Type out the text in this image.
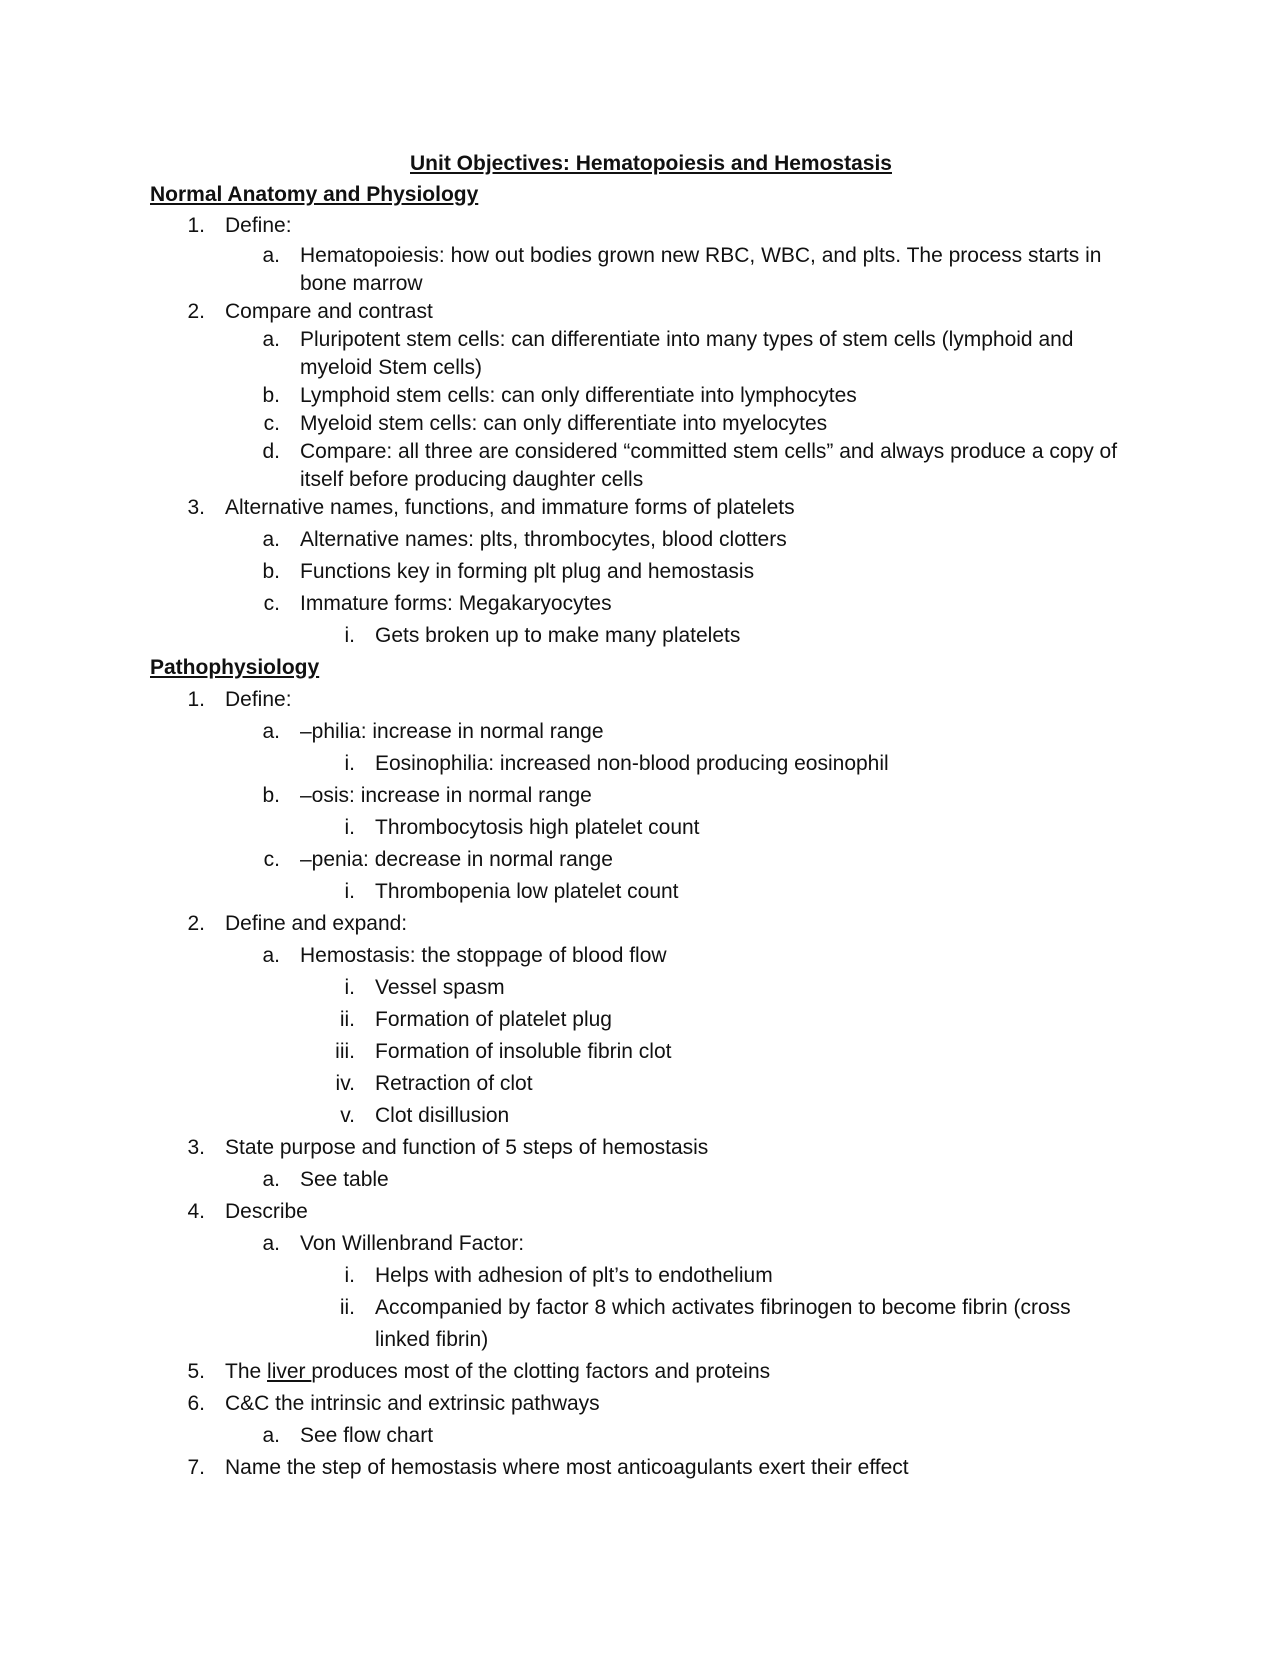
Unit Objectives: Hematopoiesis and Hemostasis
Normal Anatomy and Physiology
1. Define:
a. Hematopoiesis: how out bodies grown new RBC, WBC, and plts. The process starts in
bone marrow
2. Compare and contrast
a. Pluripotent stem cells: can differentiate into many types of stem cells (lymphoid and
myeloid Stem cells)
b. Lymphoid stem cells: can only differentiate into lymphocytes
c. Myeloid stem cells: can only differentiate into myelocytes
d. Compare: all three are considered “committed stem cells” and always produce a copy of
itself before producing daughter cells
3. Alternative names, functions, and immature forms of platelets
a. Alternative names: plts, thrombocytes, blood clotters
b. Functions key in forming plt plug and hemostasis
c. Immature forms: Megakaryocytes
i. Gets broken up to make many platelets
Pathophysiology
1. Define:
a. –philia: increase in normal range
i. Eosinophilia: increased non-blood producing eosinophil
b. –osis: increase in normal range
i. Thrombocytosis high platelet count
c. –penia: decrease in normal range
i. Thrombopenia low platelet count
2. Define and expand:
a. Hemostasis: the stoppage of blood flow
i. Vessel spasm
ii. Formation of platelet plug
iii. Formation of insoluble fibrin clot
iv. Retraction of clot
v. Clot disillusion
3. State purpose and function of 5 steps of hemostasis
a. See table
4. Describe
a. Von Willenbrand Factor:
i. Helps with adhesion of plt’s to endothelium
ii. Accompanied by factor 8 which activates fibrinogen to become fibrin (cross
linked fibrin)
5. The liver produces most of the clotting factors and proteins
6. C&C the intrinsic and extrinsic pathways
a. See flow chart
7. Name the step of hemostasis where most anticoagulants exert their effect
